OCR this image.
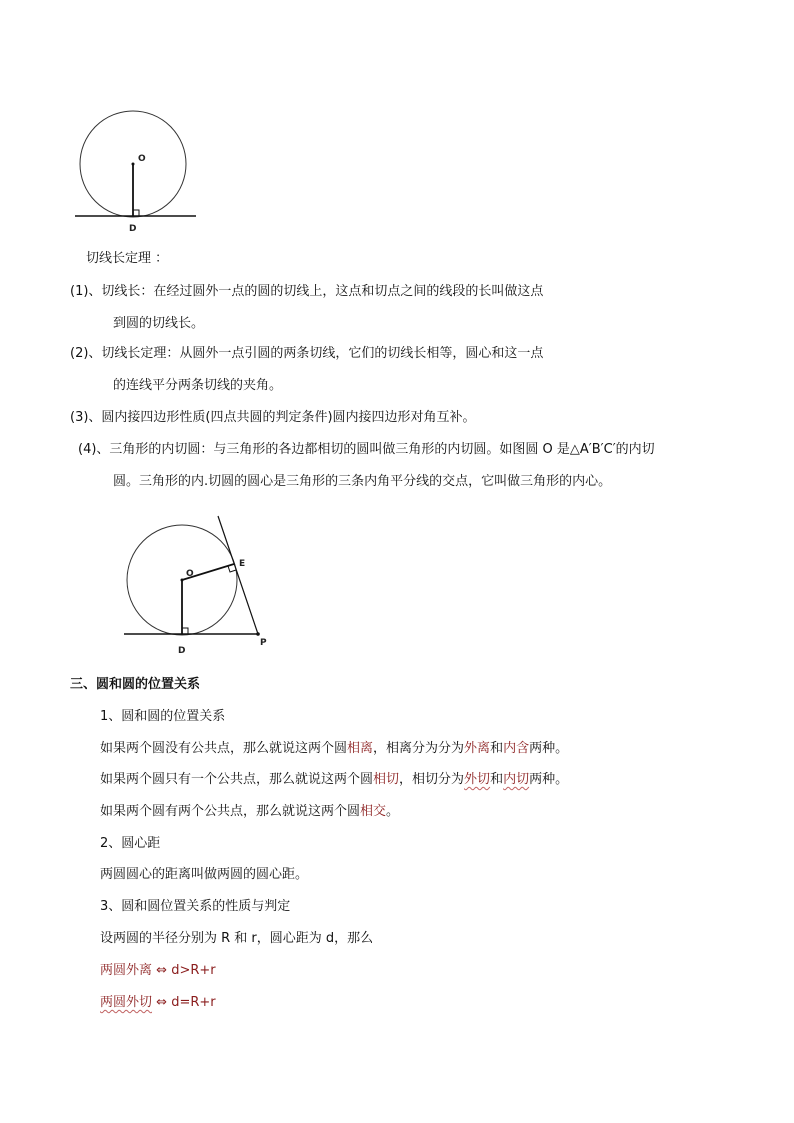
O
D
切线长定理 ：
(1)、切线长：在经过圆外一点的圆的切线上，这点和切点之间的线段的长叫做这点
到圆的切线长。
(2)、切线长定理：从圆外一点引圆的两条切线，它们的切线长相等，圆心和这一点
的连线平分两条切线的夹角。
(3)、圆内接四边形性质(四点共圆的判定条件)圆内接四边形对角互补。
(4)、三角形的内切圆：与三角形的各边都相切的圆叫做三角形的内切圆。如图圆 O 是△A′B′C′的内切
圆。三角形的内.切圆的圆心是三角形的三条内角平分线的交点，它叫做三角形的内心。
O
E
D
P
三、圆和圆的位置关系
1、圆和圆的位置关系
如果两个圆没有公共点，那么就说这两个圆相离，相离分为分为外离和内含两种。
如果两个圆只有一个公共点，那么就说这两个圆相切，相切分为外切和内切两种。
如果两个圆有两个公共点，那么就说这两个圆相交。
2、圆心距
两圆圆心的距离叫做两圆的圆心距。
3、圆和圆位置关系的性质与判定
设两圆的半径分别为 R 和 r，圆心距为 d，那么
两圆外离 ⇔ d>R+r
两圆外切 ⇔ d=R+r
